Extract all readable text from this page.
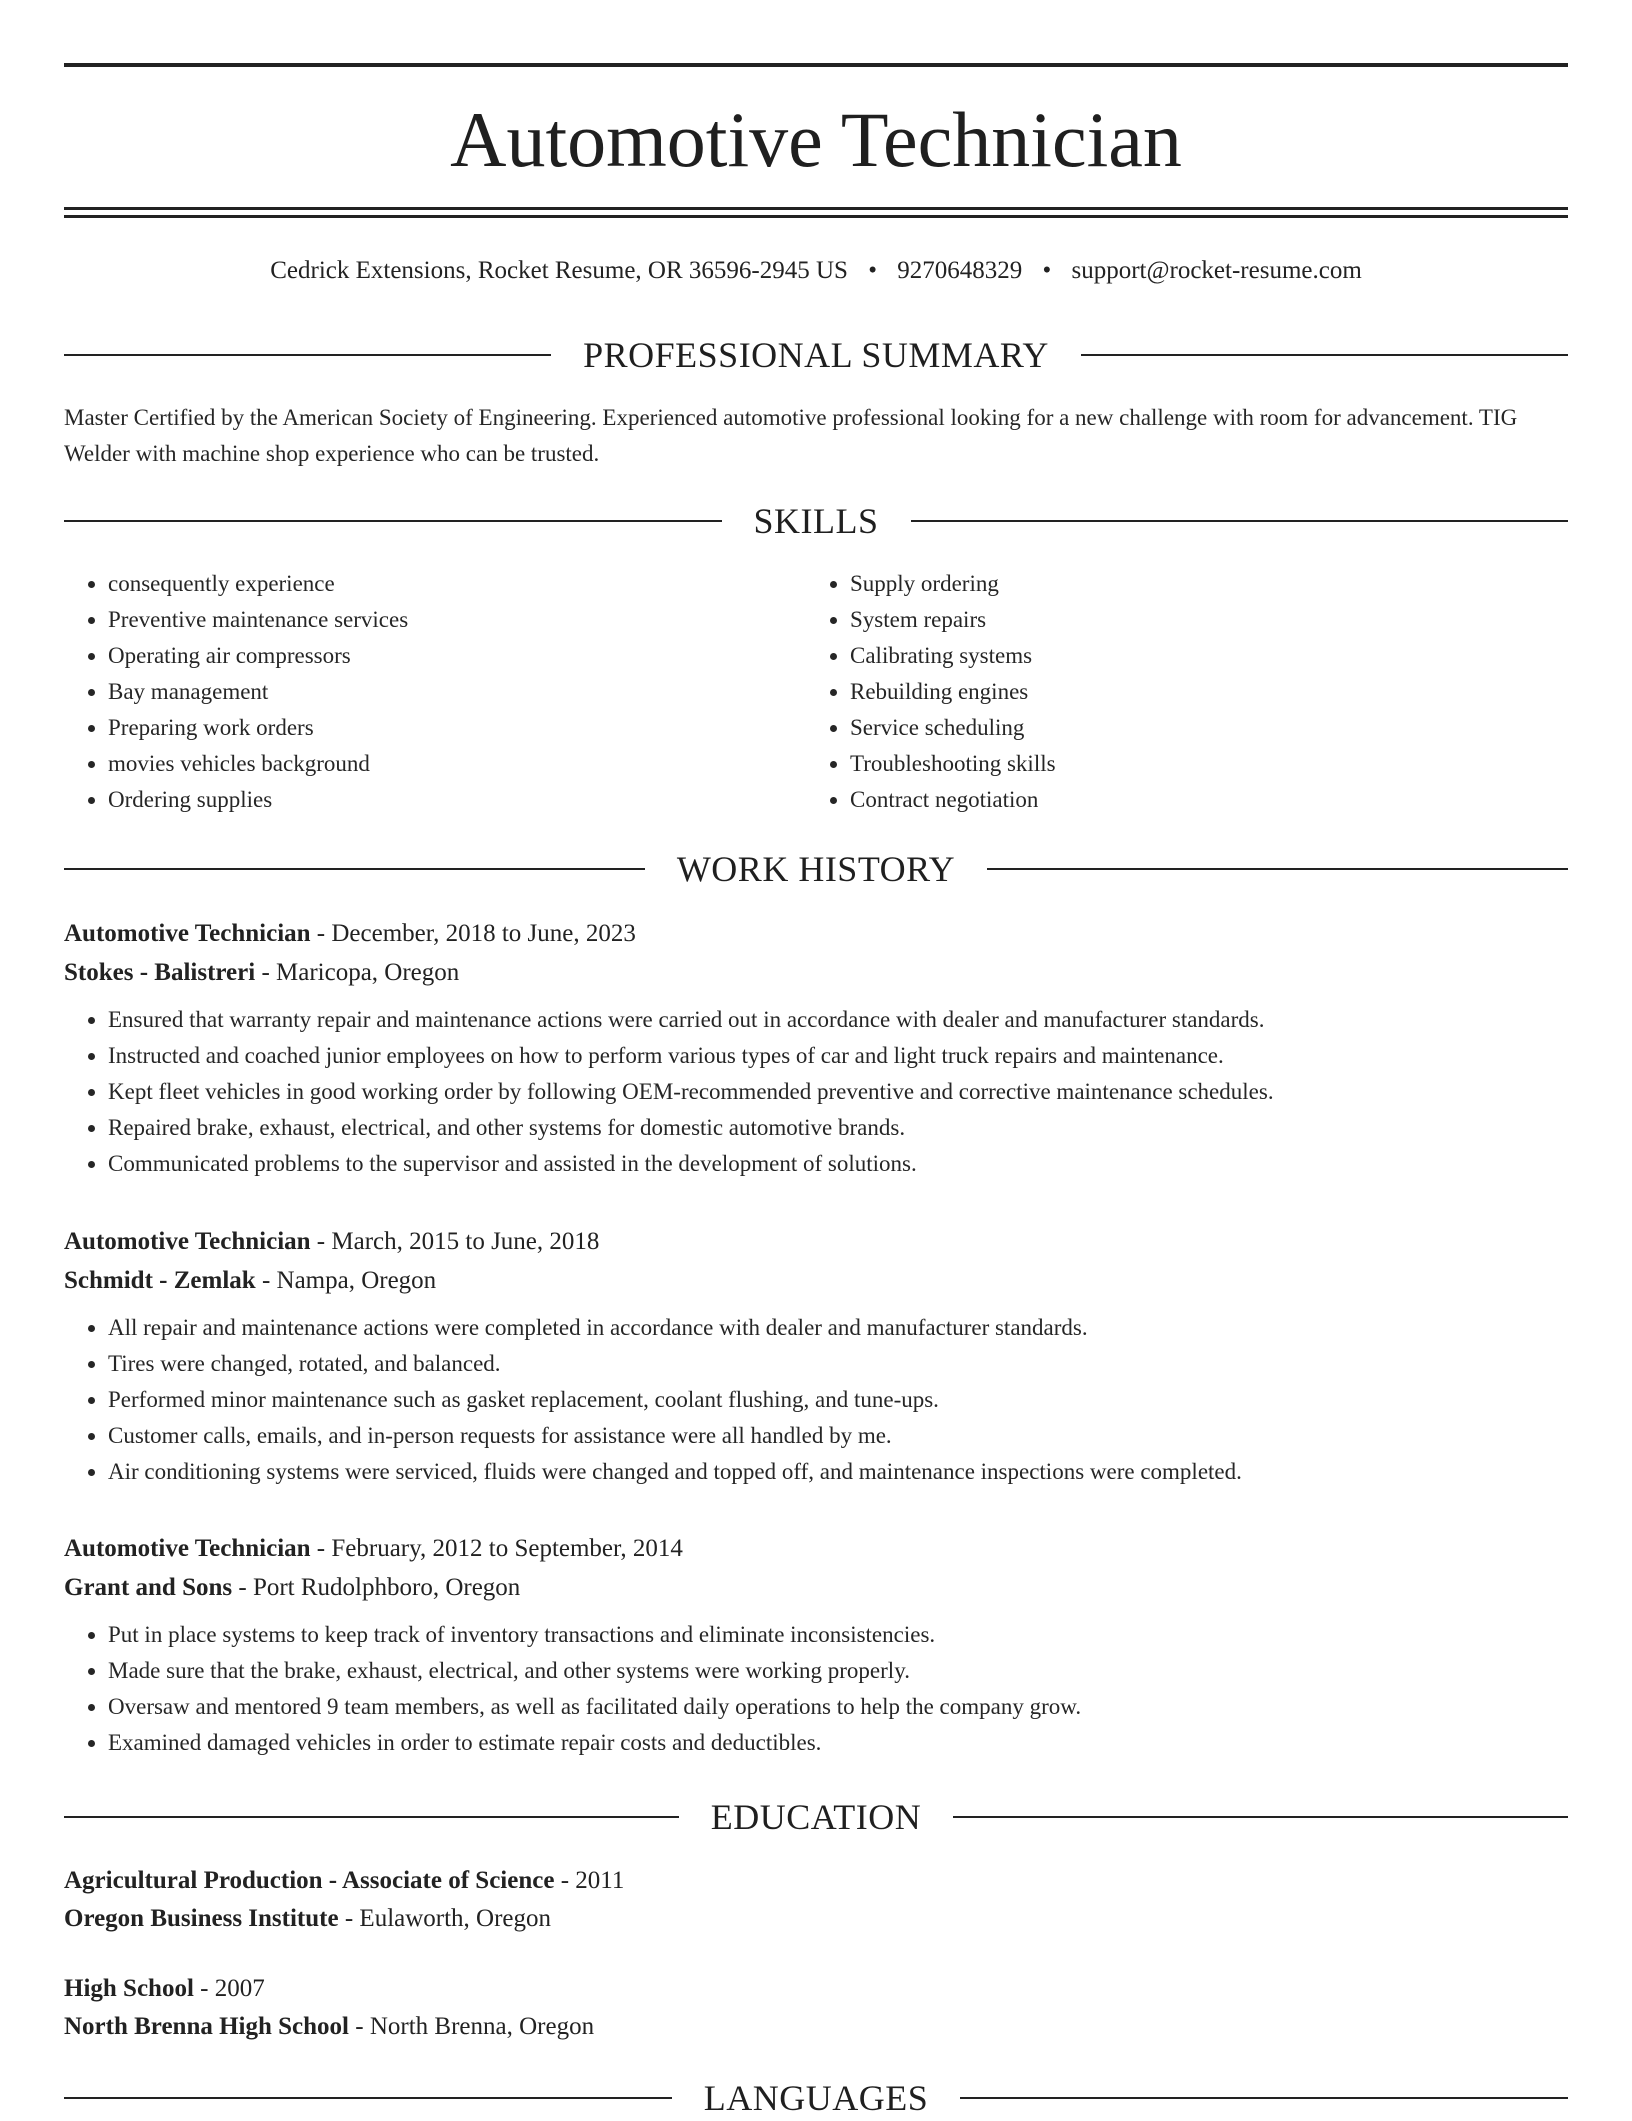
Automotive Technician
Cedrick Extensions, Rocket Resume, OR 36596-2945 US • 9270648329 • support@rocket-resume.com
PROFESSIONAL SUMMARY

Master Certified by the American Society of Engineering. Experienced automotive professional looking for a new challenge with room for advancement. TIG Welder with machine shop experience who can be trusted.

SKILLS
• consequently experience
• Preventive maintenance services
• Operating air compressors
• Bay management
• Preparing work orders
• movies vehicles background
• Ordering supplies
• Supply ordering
• System repairs
• Calibrating systems
• Rebuilding engines
• Service scheduling
• Troubleshooting skills
• Contract negotiation
WORK HISTORY
Automotive Technician - December, 2018 to June, 2023
Stokes - Balistreri - Maricopa, Oregon
• Ensured that warranty repair and maintenance actions were carried out in accordance with dealer and manufacturer standards.
• Instructed and coached junior employees on how to perform various types of car and light truck repairs and maintenance.
• Kept fleet vehicles in good working order by following OEM-recommended preventive and corrective maintenance schedules.
• Repaired brake, exhaust, electrical, and other systems for domestic automotive brands.
• Communicated problems to the supervisor and assisted in the development of solutions.
Automotive Technician - March, 2015 to June, 2018
Schmidt - Zemlak - Nampa, Oregon
• All repair and maintenance actions were completed in accordance with dealer and manufacturer standards.
• Tires were changed, rotated, and balanced.
• Performed minor maintenance such as gasket replacement, coolant flushing, and tune-ups.
• Customer calls, emails, and in-person requests for assistance were all handled by me.
• Air conditioning systems were serviced, fluids were changed and topped off, and maintenance inspections were completed.
Automotive Technician - February, 2012 to September, 2014
Grant and Sons - Port Rudolphboro, Oregon
• Put in place systems to keep track of inventory transactions and eliminate inconsistencies.
• Made sure that the brake, exhaust, electrical, and other systems were working properly.
• Oversaw and mentored 9 team members, as well as facilitated daily operations to help the company grow.
• Examined damaged vehicles in order to estimate repair costs and deductibles.
EDUCATION
Agricultural Production - Associate of Science - 2011
Oregon Business Institute - Eulaworth, Oregon
High School - 2007
North Brenna High School - North Brenna, Oregon
LANGUAGES
